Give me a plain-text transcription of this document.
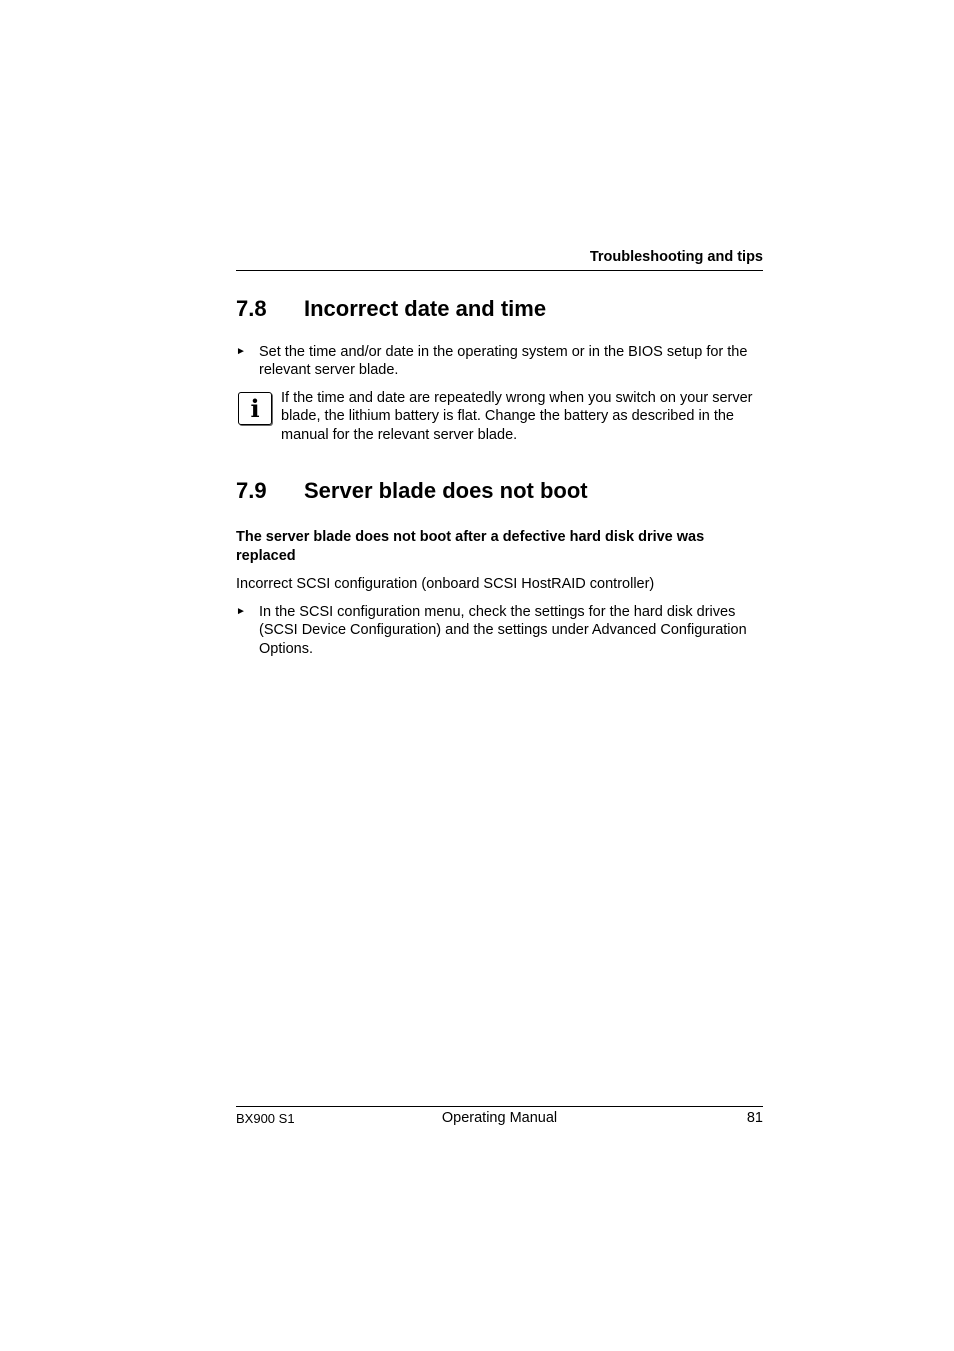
Troubleshooting and tips
7.8 Incorrect date and time
► Set the time and/or date in the operating system or in the BIOS setup for the relevant server blade.
i	If the time and date are repeatedly wrong when you switch on your server blade, the lithium battery is flat. Change the battery as described in the manual for the relevant server blade.
7.9 Server blade does not boot
The server blade does not boot after a defective hard disk drive was replaced
Incorrect SCSI configuration (onboard SCSI HostRAID controller)
► In the SCSI configuration menu, check the settings for the hard disk drives (SCSI Device Configuration) and the settings under Advanced Configuration Options.
BX900 S1	Operating Manual	81
